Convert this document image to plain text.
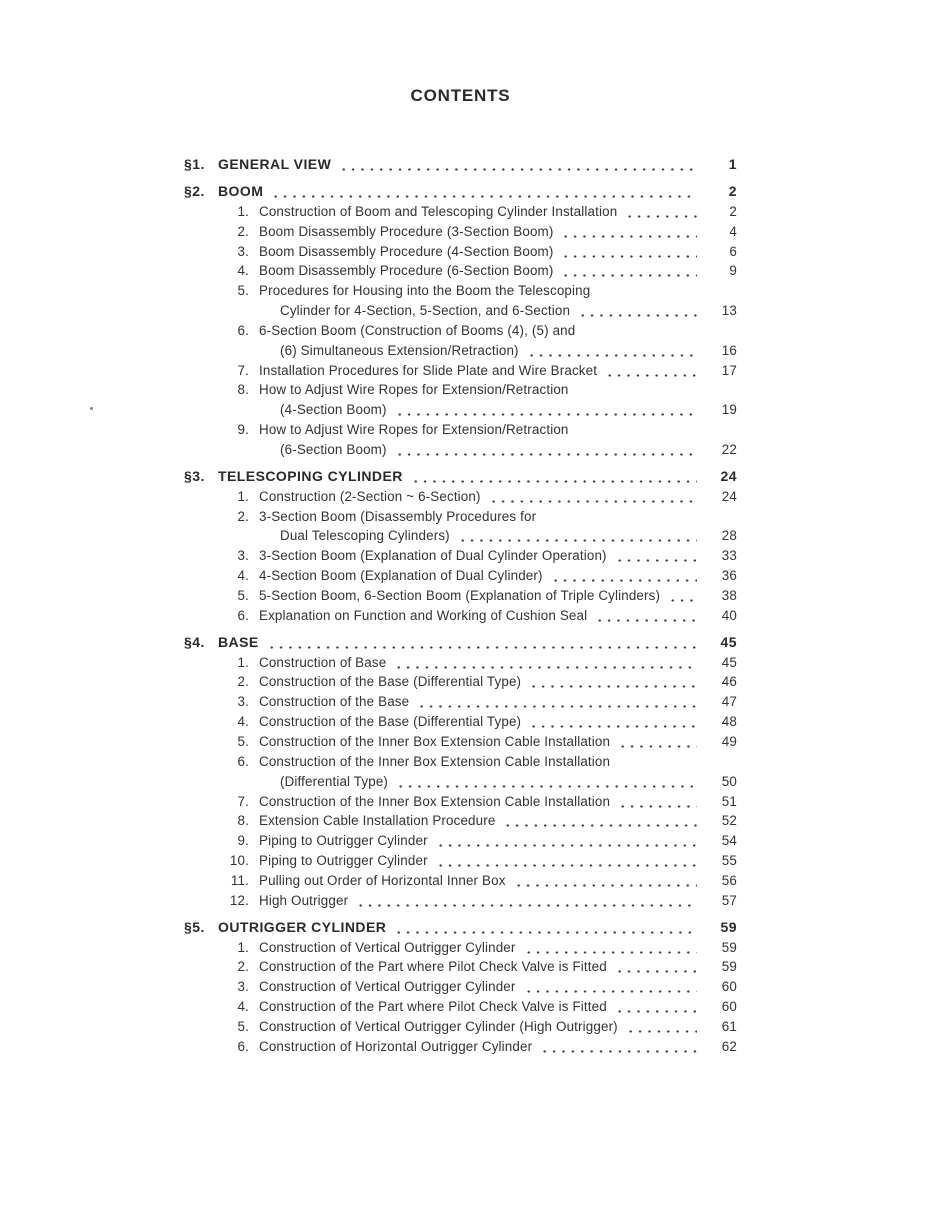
CONTENTS
§1. GENERAL VIEW	1
§2. BOOM	2
1. Construction of Boom and Telescoping Cylinder Installation	2
2. Boom Disassembly Procedure (3-Section Boom)	4
3. Boom Disassembly Procedure (4-Section Boom)	6
4. Boom Disassembly Procedure (6-Section Boom)	9
5. Procedures for Housing into the Boom the Telescoping
Cylinder for 4-Section, 5-Section, and 6-Section	13
6. 6-Section Boom (Construction of Booms (4), (5) and
(6) Simultaneous Extension/Retraction)	16
7. Installation Procedures for Slide Plate and Wire Bracket	17
8. How to Adjust Wire Ropes for Extension/Retraction
(4-Section Boom)	19
9. How to Adjust Wire Ropes for Extension/Retraction
(6-Section Boom)	22
§3. TELESCOPING CYLINDER	24
1. Construction (2-Section ~ 6-Section)	24
2. 3-Section Boom (Disassembly Procedures for
Dual Telescoping Cylinders)	28
3. 3-Section Boom (Explanation of Dual Cylinder Operation)	33
4. 4-Section Boom (Explanation of Dual Cylinder)	36
5. 5-Section Boom, 6-Section Boom (Explanation of Triple Cylinders)	38
6. Explanation on Function and Working of Cushion Seal	40
§4. BASE	45
1. Construction of Base	45
2. Construction of the Base (Differential Type)	46
3. Construction of the Base	47
4. Construction of the Base (Differential Type)	48
5. Construction of the Inner Box Extension Cable Installation	49
6. Construction of the Inner Box Extension Cable Installation
(Differential Type)	50
7. Construction of the Inner Box Extension Cable Installation	51
8. Extension Cable Installation Procedure	52
9. Piping to Outrigger Cylinder	54
10. Piping to Outrigger Cylinder	55
11. Pulling out Order of Horizontal Inner Box	56
12. High Outrigger	57
§5. OUTRIGGER CYLINDER	59
1. Construction of Vertical Outrigger Cylinder	59
2. Construction of the Part where Pilot Check Valve is Fitted	59
3. Construction of Vertical Outrigger Cylinder	60
4. Construction of the Part where Pilot Check Valve is Fitted	60
5. Construction of Vertical Outrigger Cylinder (High Outrigger)	61
6. Construction of Horizontal Outrigger Cylinder	62
